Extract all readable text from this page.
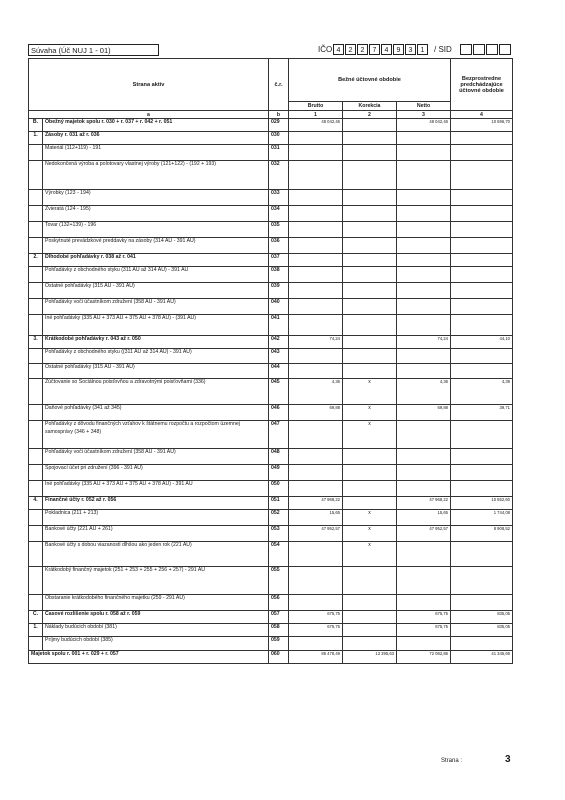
Súvaha (Úč NUJ 1 - 01)	IČO 4	2	2	7	4	9	3	1	/ SID
Strana aktív		č.r.	Bežné účtovné obdobie			Bezprostredne predchádzajúce účtovné obdobie
			Brutto	Korekcia	Netto	
a		b	1	2	3	4
B.	Obežný majetok spolu r. 030 + r. 037 + r. 042 + r. 051	029	48 042,46		48 042,46	10 696,70
1.	Zásoby r. 031 až r. 036	030				
	Materiál (112+119) - 191	031				
	Nedokončená výroba a polotovary vlastnej výroby (121+122) - (192 + 193)	032				
	Výrobky (123 - 194)	033				
	Zvieratá (124 - 195)	034				
	Tovar (132+139) - 196	035				
	Poskytnuté prevádzkové preddavky na zásoby (314 AÚ - 391 AÚ)	036				
2.	Dlhodobé pohľadávky r. 038 až r. 041	037				
	Pohľadávky z obchodného styku (311 AÚ až 314 AÚ) - 391 AÚ	038				
	Ostatné pohľadávky (315 AÚ - 391 AÚ)	039				
	Pohľadávky voči účastníkom združení (358 AÚ - 391 AÚ)	040				
	Iné pohľadávky (335 AÚ + 373 AÚ + 375 AÚ + 378 AÚ) - (391 AÚ)	041				
3.	Krátkodobé pohľadávky r. 043 až r. 050	042	74,24		74,24	44,10
	Pohľadávky z obchodného styku ((311 AÚ až 314 AÚ) - 391 AÚ)	043				
	Ostatné pohľadávky (315 AÚ - 391 AÚ)	044				
	Zúčtovanie so Sociálnou poisťovňou a zdravotnými poisťovňami (336)	045	4,36	x	4,36	4,39
	Daňové pohľadávky (341 až 345)	046	69,88	x	69,88	39,71
	Pohľadávky z dôvodu finančných vzťahov k štátnemu rozpočtu a rozpočtom územnej samosprávy (346 + 348)	047		x		
	Pohľadávky voči účastníkom združení (358 AÚ - 391 AÚ)	048				
	Spojovací účet pri združení (396 - 391 AÚ)	049				
	Iné pohľadávky (335 AÚ + 373 AÚ + 375 AÚ + 378 AÚ) - 391 AÚ	050				
4.	Finančné účty r. 052 až r. 056	051	47 968,22		47 968,22	10 652,60
	Pokladnica (211 + 213)	052	15,65	x	15,65	1 744,08
	Bankové účty (221 AÚ + 261)	053	47 952,57	x	47 952,57	8 908,52
	Bankové účty s dobou viazanosti dlhšou ako jeden rok (221 AÚ)	054		x		
	Krátkodobý finančný majetok (251 + 253 + 255 + 256 + 257) - 291 AÚ	055				
	Obstaranie krátkodobého finančného majetku (259 - 291 AÚ)	056				
C.	Časové rozlíšenie spolu r. 058 až r. 059	057	675,75		675,75	835,05
1.	Náklady budúcich období (381)	058	675,75		675,75	835,05
	Príjmy budúcich období (385)	059				
Majetok spolu r. 001 + r. 029 + r. 057		060	85 478,49	13 395,63	72 082,86	41 345,69
Strana :	3
